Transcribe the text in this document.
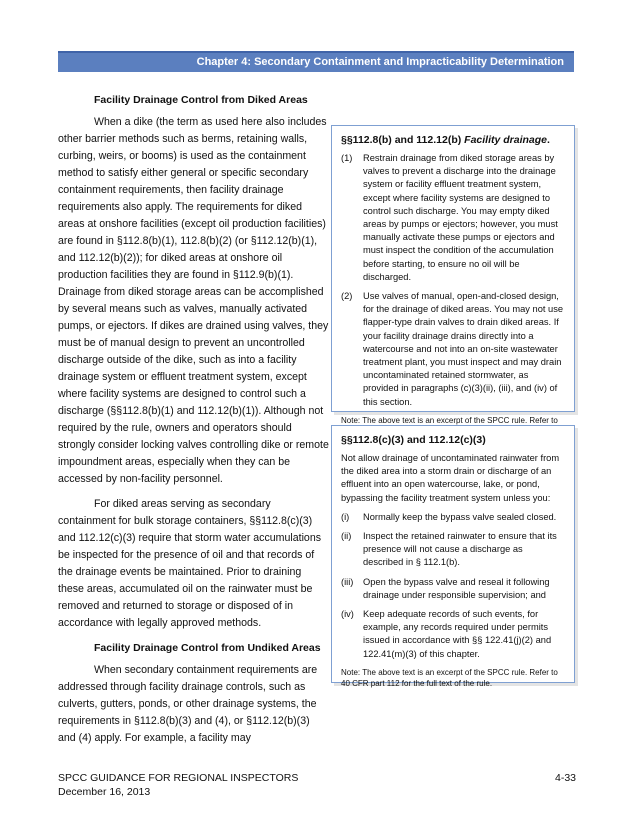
Chapter 4: Secondary Containment and Impracticability Determination
Facility Drainage Control from Diked Areas

When a dike (the term as used here also includes other barrier methods such as berms, retaining walls, curbing, weirs, or booms) is used as the containment method to satisfy either general or specific secondary containment requirements, then facility drainage requirements also apply. The requirements for diked areas at onshore facilities (except oil production facilities) are found in §112.8(b)(1), 112.8(b)(2) (or §112.12(b)(1), and 112.12(b)(2)); for diked areas at onshore oil production facilities they are found in §112.9(b)(1). Drainage from diked storage areas can be accomplished by several means such as valves, manually activated pumps, or ejectors. If dikes are drained using valves, they must be of manual design to prevent an uncontrolled discharge outside of the dike, such as into a facility drainage system or effluent treatment system, except where facility systems are designed to control such a discharge (§§112.8(b)(1) and 112.12(b)(1)). Although not required by the rule, owners and operators should strongly consider locking valves controlling dike or remote impoundment areas, especially when they can be accessed by non-facility personnel.

For diked areas serving as secondary containment for bulk storage containers, §§112.8(c)(3) and 112.12(c)(3) require that storm water accumulations be inspected for the presence of oil and that records of the drainage events be maintained. Prior to draining these areas, accumulated oil on the rainwater must be removed and returned to storage or disposed of in accordance with legally approved methods.

Facility Drainage Control from Undiked Areas

When secondary containment requirements are addressed through facility drainage controls, such as culverts, gutters, ponds, or other drainage systems, the requirements in §112.8(b)(3) and (4), or §112.12(b)(3) and (4) apply. For example, a facility may

§§112.8(b) and 112.12(b) Facility drainage.
(1)	Restrain drainage from diked storage areas by valves to prevent a discharge into the drainage system or facility effluent treatment system, except where facility systems are designed to control such discharge. You may empty diked areas by pumps or ejectors; however, you must manually activate these pumps or ejectors and must inspect the condition of the accumulation before starting, to ensure no oil will be discharged.
(2)	Use valves of manual, open-and-closed design, for the drainage of diked areas. You may not use flapper-type drain valves to drain diked areas. If your facility drainage drains directly into a watercourse and not into an on-site wastewater treatment plant, you must inspect and may drain uncontaminated retained stormwater, as provided in paragraphs (c)(3)(ii), (iii), and (iv) of this section.
Note: The above text is an excerpt of the SPCC rule. Refer to
§§112.8(c)(3) and 112.12(c)(3)
Not allow drainage of uncontaminated rainwater from the diked area into a storm drain or discharge of an effluent into an open watercourse, lake, or pond, bypassing the facility treatment system unless you:
(i)	Normally keep the bypass valve sealed closed.
(ii)	Inspect the retained rainwater to ensure that its presence will not cause a discharge as described in § 112.1(b).
(iii)	Open the bypass valve and reseal it following drainage under responsible supervision; and
(iv) Keep adequate records of such events, for example, any records required under permits issued in accordance with §§ 122.41(j)(2) and 122.41(m)(3) of this chapter.
Note: The above text is an excerpt of the SPCC rule. Refer to 40 CFR part 112 for the full text of the rule.
SPCC GUIDANCE FOR REGIONAL INSPECTORS
December 16, 2013
4-33
